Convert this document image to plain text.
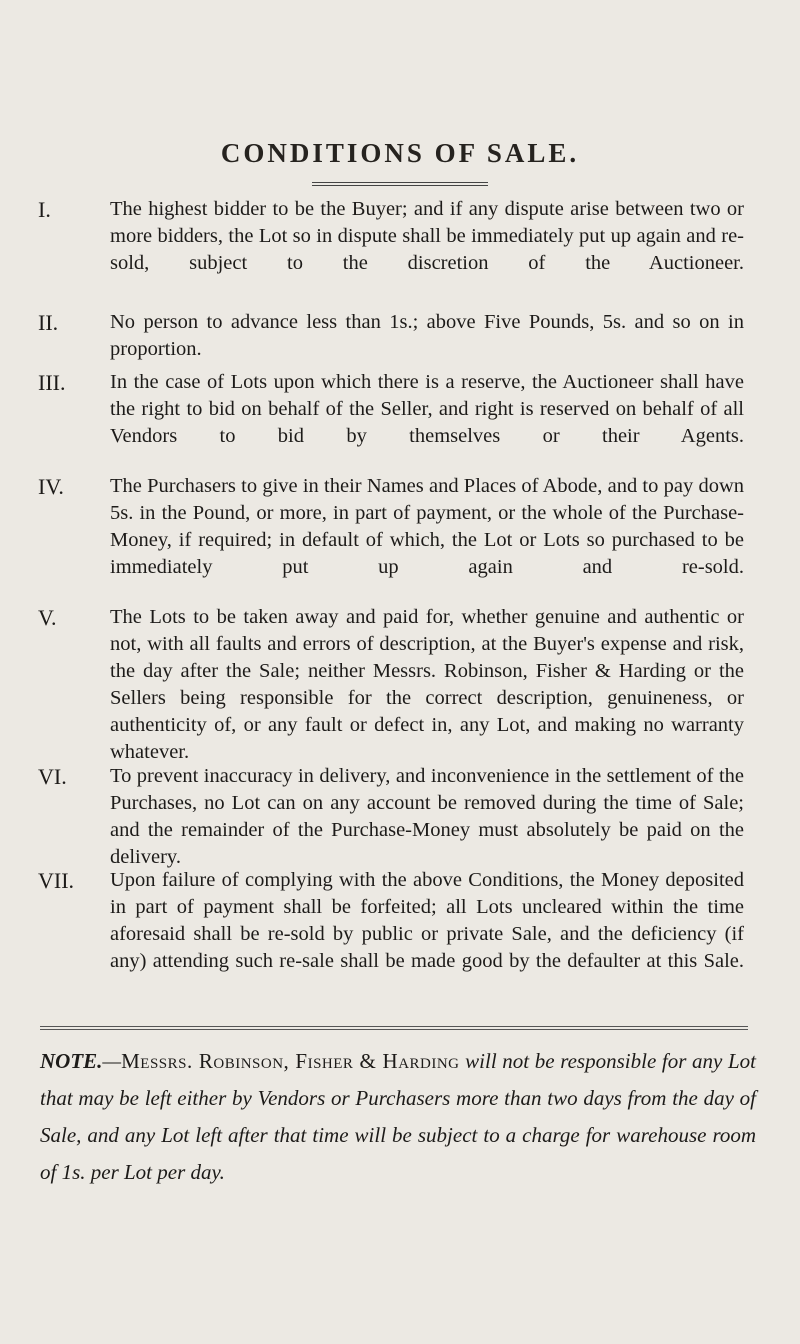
CONDITIONS OF SALE.
I.	The highest bidder to be the Buyer; and if any dispute arise between two or more bidders, the Lot so in dispute shall be immediately put up again and re-sold, subject to the discretion of the Auctioneer.
II.	No person to advance less than 1s.; above Five Pounds, 5s. and so on in proportion.
III.	In the case of Lots upon which there is a reserve, the Auctioneer shall have the right to bid on behalf of the Seller, and right is reserved on behalf of all Vendors to bid by themselves or their Agents.
IV.	The Purchasers to give in their Names and Places of Abode, and to pay down 5s. in the Pound, or more, in part of payment, or the whole of the Purchase-Money, if required; in default of which, the Lot or Lots so purchased to be immediately put up again and re-sold.
V.	The Lots to be taken away and paid for, whether genuine and authentic or not, with all faults and errors of description, at the Buyer's expense and risk, the day after the Sale; neither Messrs. Robinson, Fisher & Harding or the Sellers being responsible for the correct description, genuineness, or authenticity of, or any fault or defect in, any Lot, and making no warranty whatever.
VI.	To prevent inaccuracy in delivery, and inconvenience in the settlement of the Purchases, no Lot can on any account be removed during the time of Sale; and the remainder of the Purchase-Money must absolutely be paid on the delivery.
VII.	Upon failure of complying with the above Conditions, the Money deposited in part of payment shall be forfeited; all Lots uncleared within the time aforesaid shall be re-sold by public or private Sale, and the deficiency (if any) attending such re-sale shall be made good by the defaulter at this Sale.
NOTE.—Messrs. Robinson, Fisher & Harding will not be responsible for any Lot that may be left either by Vendors or Purchasers more than two days from the day of Sale, and any Lot left after that time will be subject to a charge for warehouse room of 1s. per Lot per day.
